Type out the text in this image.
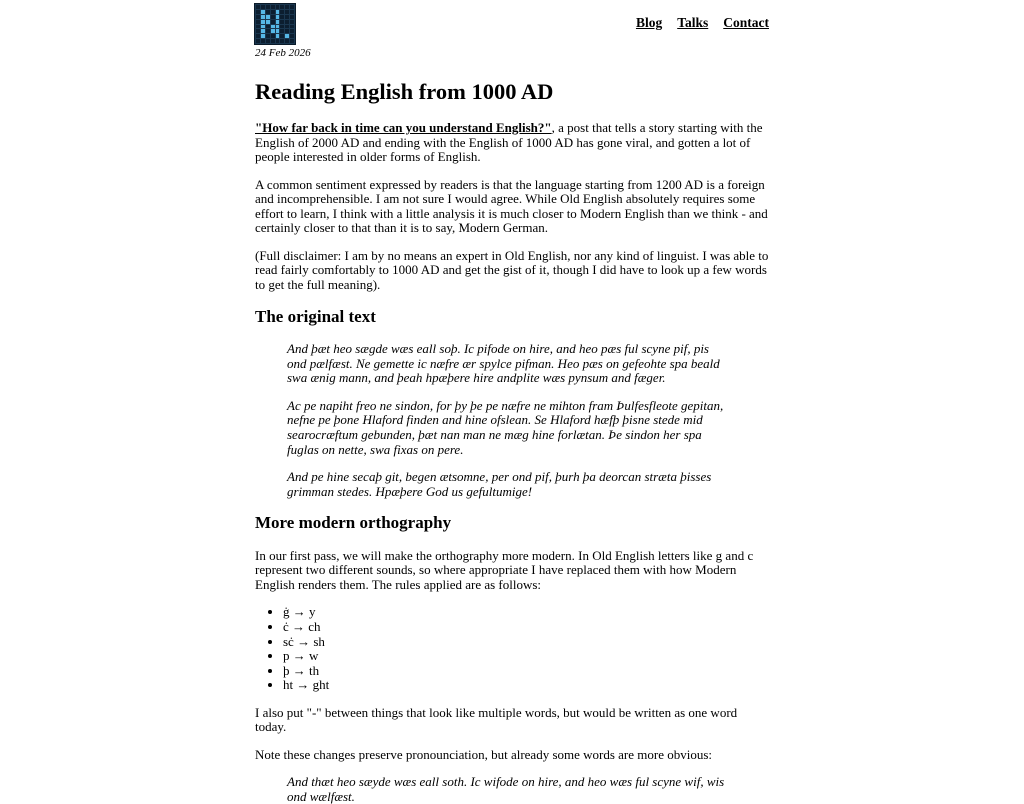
24 Feb 2026
Blog Talks Contact
Reading English from 1000 AD

"How far back in time can you understand English?", a post that tells a story starting with the English of 2000 AD and ending with the English of 1000 AD has gone viral, and gotten a lot of people interested in older forms of English.

A common sentiment expressed by readers is that the language starting from 1200 AD is a foreign and incomprehensible. I am not sure I would agree. While Old English absolutely requires some effort to learn, I think with a little analysis it is much closer to Modern English than we think - and certainly closer to that than it is to say, Modern German.

(Full disclaimer: I am by no means an expert in Old English, nor any kind of linguist. I was able to read fairly comfortably to 1000 AD and get the gist of it, though I did have to look up a few words to get the full meaning).

The original text
And þæt heo sægde wæs eall soþ. Ic pifode on hire, and heo pæs ful scyne pif, pis ond pælfæst. Ne gemette ic næfre ær spylce pifman. Heo pæs on gefeohte spa beald swa ænig mann, and þeah hpæþere hire andplite wæs pynsum and fæger.
Ac pe napiht freo ne sindon, for þy þe pe næfre ne mihton fram Þulfesfleote gepitan, nefne pe þone Hlaford finden and hine ofslean. Se Hlaford hæfþ þisne stede mid searocræftum gebunden, þæt nan man ne mæg hine forlætan. Þe sindon her spa fuglas on nette, swa fixas on pere.
And pe hine secaþ git, begen ætsomne, per ond pif, þurh þa deorcan stræta þisses grimman stedes. Hpæþere God us gefultumige!
More modern orthography

In our first pass, we will make the orthography more modern. In Old English letters like g and c represent two different sounds, so where appropriate I have replaced them with how Modern English renders them. The rules applied are as follows:

• ġ → y
• ċ → ch
• sċ → sh
• p → w
• þ → th
• ht → ght

I also put "-" between things that look like multiple words, but would be written as one word today.

Note these changes preserve pronounciation, but already some words are more obvious:

And thæt heo sæyde wæs eall soth. Ic wifode on hire, and heo wæs ful scyne wif, wis ond wælfæst.
